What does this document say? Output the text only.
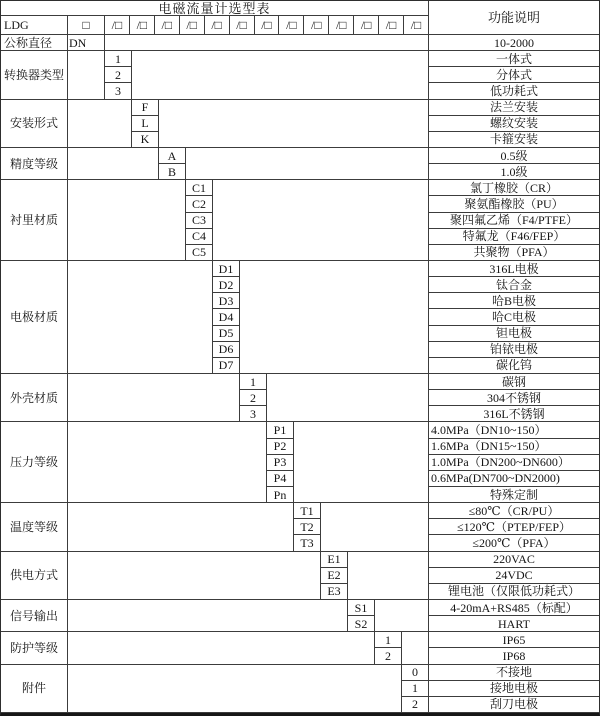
电磁流量计选型表
功能说明
LDG	□	/□	/□	/□	/□	/□	/□	/□	/□	/□	/□	/□	/□	/□
公称直径	DN	10-2000
转换器类型
1	一体式
2	分体式
3	低功耗式
安装形式
F	法兰安装
L	螺纹安装
K	卡箍安装
精度等级
A	0.5级
B	1.0级
衬里材质
C1	氯丁橡胶（CR）
C2	聚氨酯橡胶（PU）
C3	聚四氟乙烯（F4/PTFE）
C4	特氟龙（F46/FEP）
C5	共聚物（PFA）
电极材质
D1	316L电极
D2	钛合金
D3	哈B电极
D4	哈C电极
D5	钽电极
D6	铂铱电极
D7	碳化钨
外壳材质
1	碳钢
2	304不锈钢
3	316L不锈钢
压力等级
P1	4.0MPa（DN10~150）
P2	1.6MPa（DN15~150）
P3	1.0MPa（DN200~DN600）
P4	0.6MPa(DN700~DN2000)
Pn	特殊定制
温度等级
T1	≤80℃（CR/PU）
T2	≤120℃（PTEP/FEP）
T3	≤200℃（PFA）
供电方式
E1	220VAC
E2	24VDC
E3	锂电池（仅限低功耗式）
信号输出
S1	4-20mA+RS485（标配）
S2	HART
防护等级
1	IP65
2	IP68
附件
0	不接地
1	接地电极
2	刮刀电极
